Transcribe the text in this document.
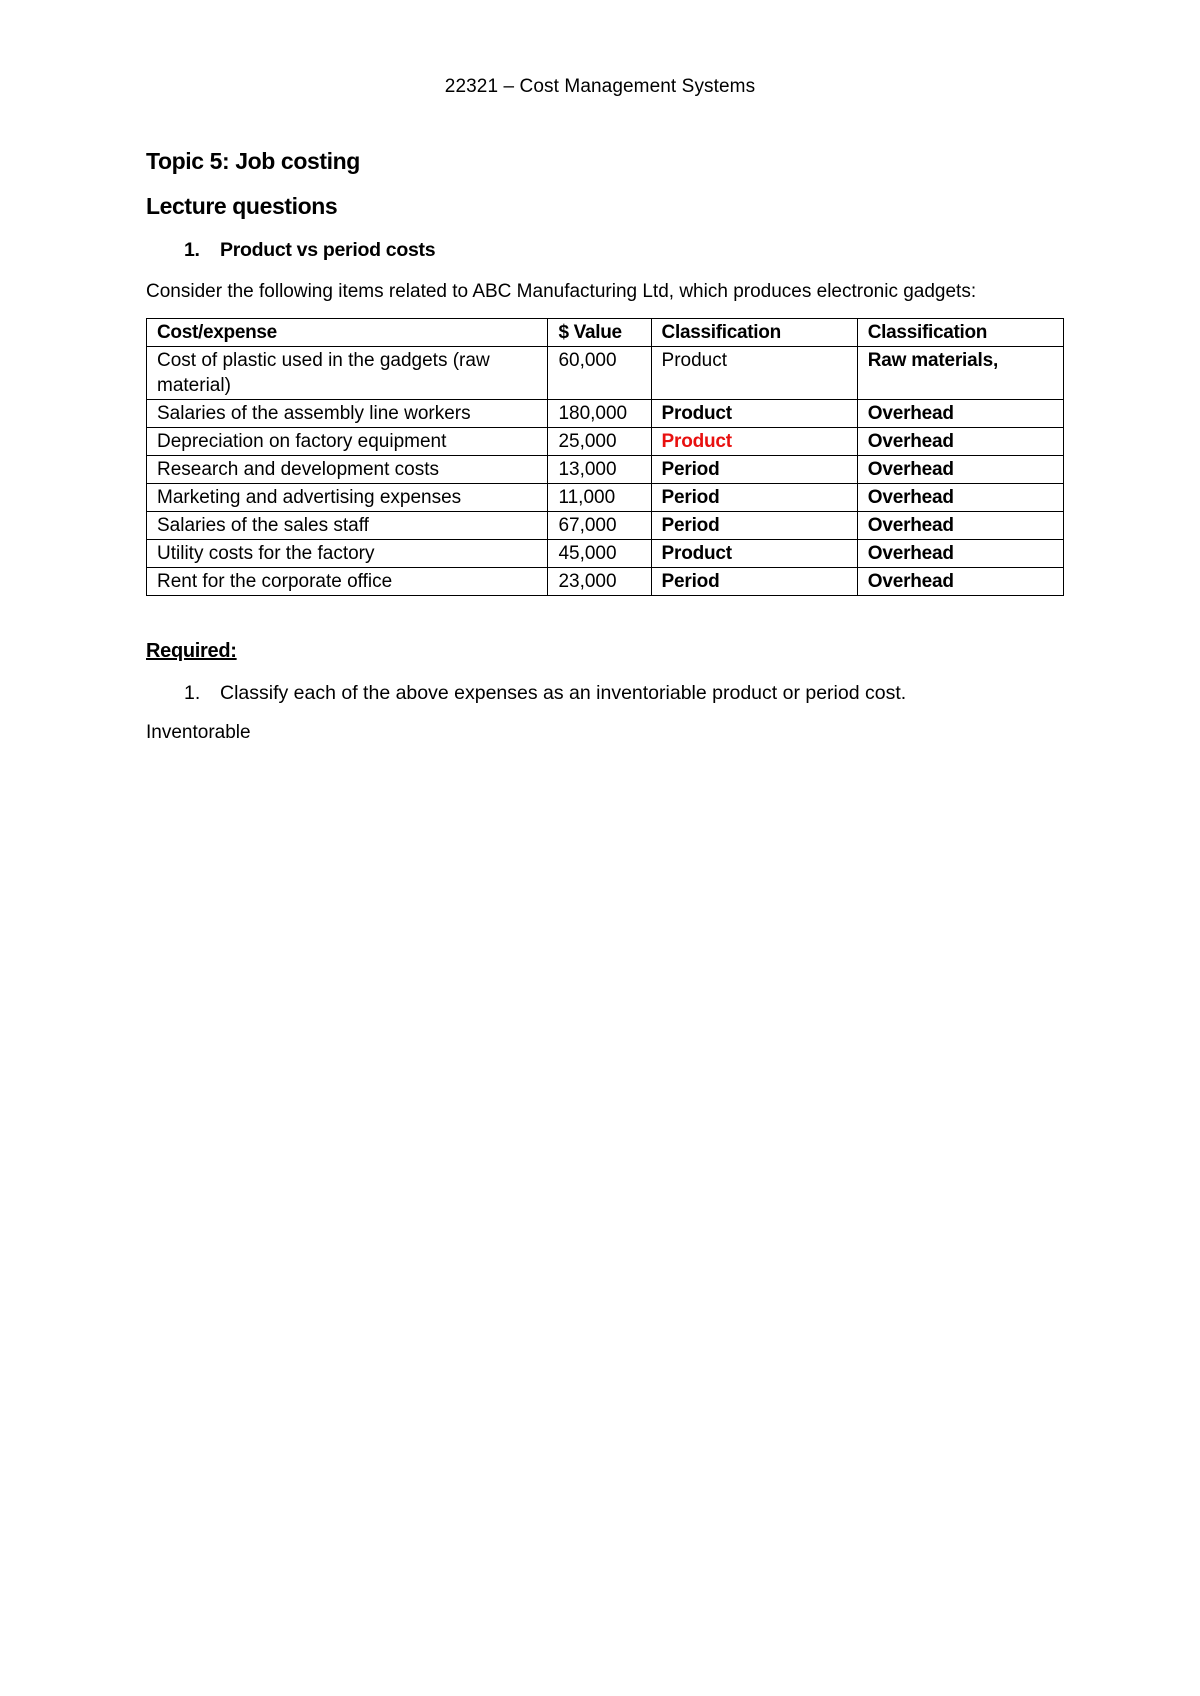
22321 – Cost Management Systems
Topic 5: Job costing
Lecture questions
1.	Product vs period costs
Consider the following items related to ABC Manufacturing Ltd, which produces electronic gadgets:
Cost/expense	$ Value	Classification	Classification
Cost of plastic used in the gadgets (raw material)	60,000	Product	Raw materials,
Salaries of the assembly line workers	180,000	Product	Overhead
Depreciation on factory equipment	25,000	Product	Overhead
Research and development costs	13,000	Period	Overhead
Marketing and advertising expenses	11,000	Period	Overhead
Salaries of the sales staff	67,000	Period	Overhead
Utility costs for the factory	45,000	Product	Overhead
Rent for the corporate office	23,000	Period	Overhead
Required:
1.	Classify each of the above expenses as an inventoriable product or period cost.
Inventorable
